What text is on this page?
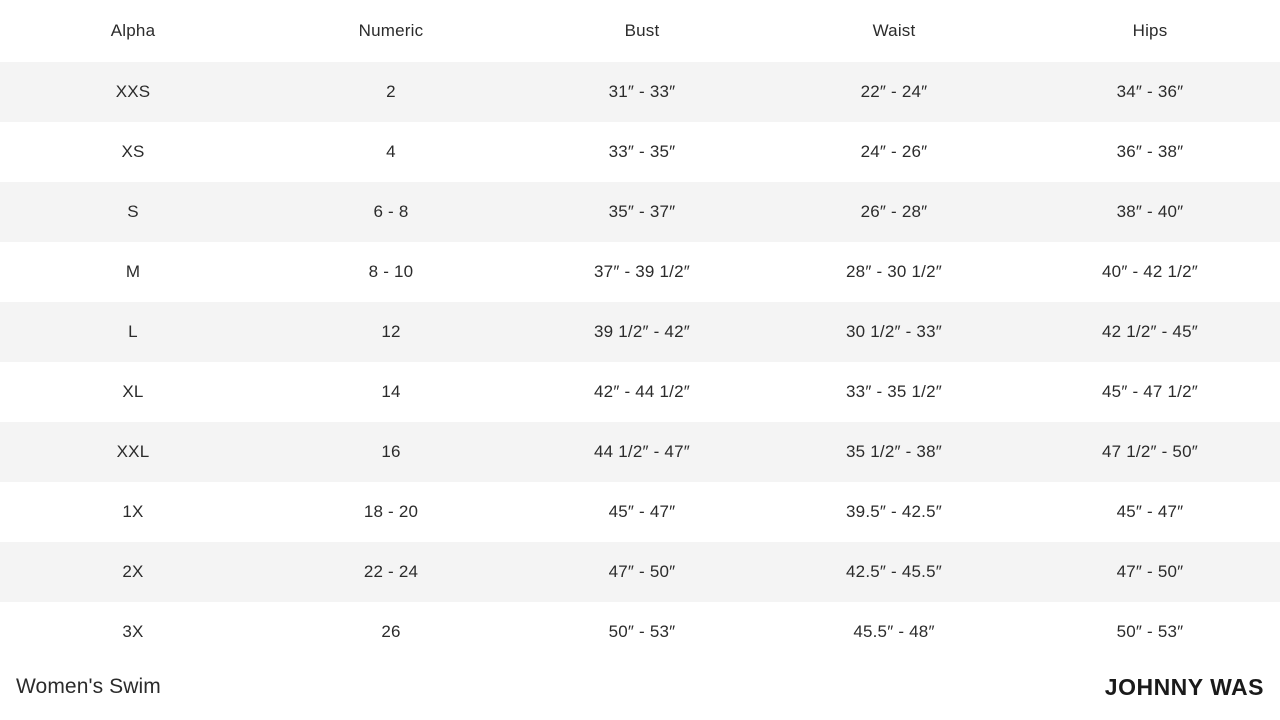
Alpha	Numeric	Bust	Waist	Hips
XXS	2	31″ - 33″	22″ - 24″	34″ - 36″
XS	4	33″ - 35″	24″ - 26″	36″ - 38″
S	6 - 8	35″ - 37″	26″ - 28″	38″ - 40″
M	8 - 10	37″ - 39 1/2″	28″ - 30 1/2″	40″ - 42 1/2″
L	12	39 1/2″ - 42″	30 1/2″ - 33″	42 1/2″ - 45″
XL	14	42″ - 44 1/2″	33″ - 35 1/2″	45″ - 47 1/2″
XXL	16	44 1/2″ - 47″	35 1/2″ - 38″	47 1/2″ - 50″
1X	18 - 20	45″ - 47″	39.5″ - 42.5″	45″ - 47″
2X	22 - 24	47″ - 50″	42.5″ - 45.5″	47″ - 50″
3X	26	50″ - 53″	45.5″ - 48″	50″ - 53″
Women's Swim	JOHNNY WAS
